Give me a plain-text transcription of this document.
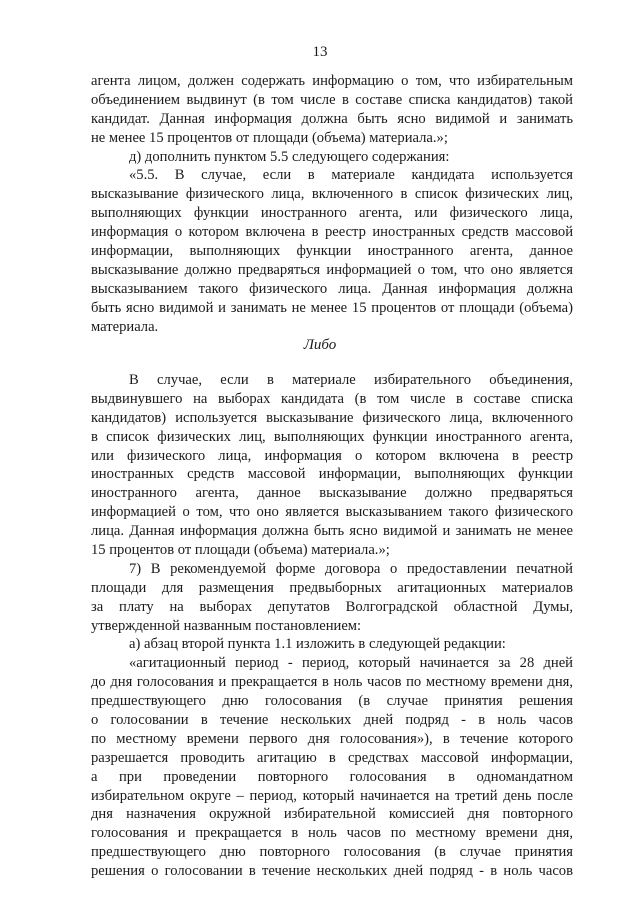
13
агента лицом, должен содержать информацию о том, что избирательным
объединением выдвинут (в том числе в составе списка кандидатов) такой
кандидат. Данная информация должна быть ясно видимой и занимать
не менее 15 процентов от площади (объема) материала.»;
д) дополнить пунктом 5.5 следующего содержания:
«5.5. В случае, если в материале кандидата используется
высказывание физического лица, включенного в список физических лиц,
выполняющих функции иностранного агента, или физического лица,
информация о котором включена в реестр иностранных средств массовой
информации, выполняющих функции иностранного агента, данное
высказывание должно предваряться информацией о том, что оно является
высказыванием такого физического лица. Данная информация должна
быть ясно видимой и занимать не менее 15 процентов от площади (объема)
материала.
Либо
В случае, если в материале избирательного объединения,
выдвинувшего на выборах кандидата (в том числе в составе списка
кандидатов) используется высказывание физического лица, включенного
в список физических лиц, выполняющих функции иностранного агента,
или физического лица, информация о котором включена в реестр
иностранных средств массовой информации, выполняющих функции
иностранного агента, данное высказывание должно предваряться
информацией о том, что оно является высказыванием такого физического
лица. Данная информация должна быть ясно видимой и занимать не менее
15 процентов от площади (объема) материала.»;
7) В рекомендуемой форме договора о предоставлении печатной
площади для размещения предвыборных агитационных материалов
за плату на выборах депутатов Волгоградской областной Думы,
утвержденной названным постановлением:
а) абзац второй пункта 1.1 изложить в следующей редакции:
«агитационный период - период, который начинается за 28 дней
до дня голосования и прекращается в ноль часов по местному времени дня,
предшествующего дню голосования (в случае принятия решения
о голосовании в течение нескольких дней подряд - в ноль часов
по местному времени первого дня голосования»), в течение которого
разрешается проводить агитацию в средствах массовой информации,
а при проведении повторного голосования в одномандатном
избирательном округе – период, который начинается на третий день после
дня назначения окружной избирательной комиссией дня повторного
голосования и прекращается в ноль часов по местному времени дня,
предшествующего дню повторного голосования (в случае принятия
решения о голосовании в течение нескольких дней подряд - в ноль часов
